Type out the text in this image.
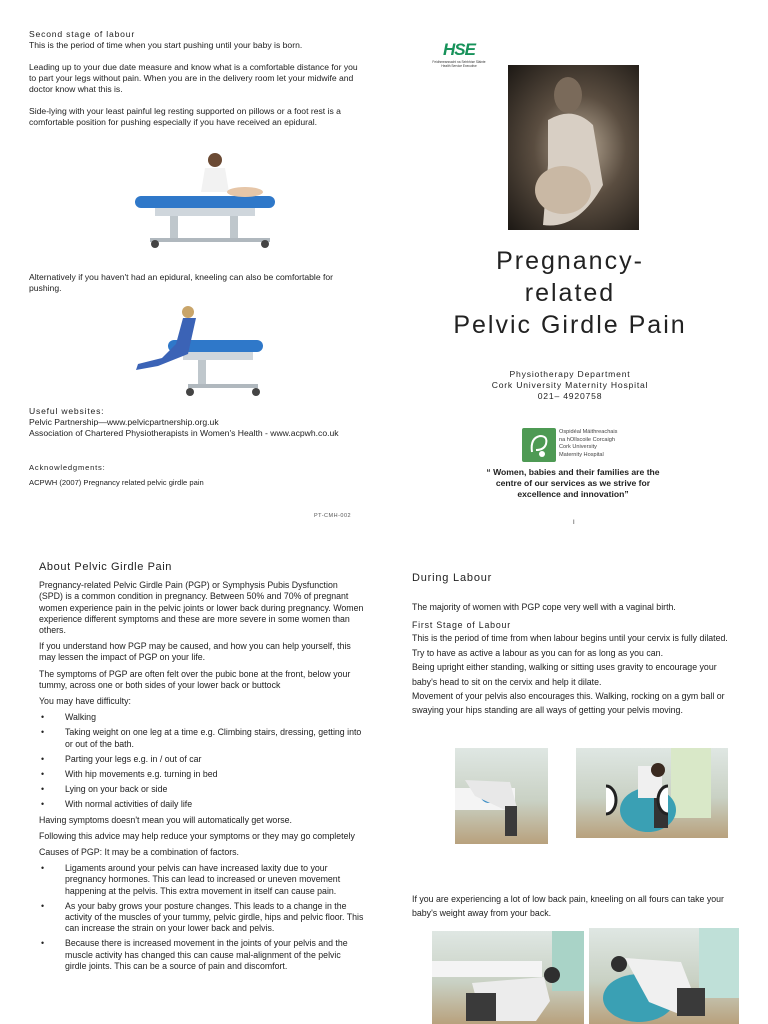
Second stage of labour
This is the period of time when you start pushing until your baby is born.
Leading up to your due date measure and know what is a comfortable distance for you to part your legs without pain. When you are in the delivery room let your midwife and doctor know what this is.
Side-lying with your least painful leg resting supported on pillows or a foot rest is a comfortable position for pushing especially if you have received an epidural.
Alternatively if you haven't had an epidural, kneeling can also be comfortable for pushing.
Useful websites:
Pelvic Partnership—www.pelvicpartnership.org.uk
Association of Chartered Physiotherapists in Women's Health - www.acpwh.co.uk
Acknowledgments:
ACPWH (2007) Pregnancy related pelvic girdle pain
PT-CMH-002
HSE
Feidhmeannacht na Seirbhíse Sláinte
Health Service Executive
Pregnancy-
related
Pelvic Girdle Pain
Physiotherapy Department
Cork University Maternity Hospital
021– 4920758
Ospidéal Máithreachais
na hOllscoile Corcaigh
Cork University
Maternity Hospital
“ Women, babies and their families are the centre of our services as we strive for excellence and innovation”
I
About Pelvic Girdle Pain

Pregnancy-related Pelvic Girdle Pain (PGP) or Symphysis Pubis Dysfunction (SPD) is a common condition in pregnancy. Between 50% and 70% of pregnant women experience pain in the pelvic joints or lower back during pregnancy. Women experience different symptoms and these are more severe in some women than others.

If you understand how PGP may be caused, and how you can help yourself, this may lessen the impact of PGP on your life.

The symptoms of PGP are often felt over the pubic bone at the front, below your tummy, across one or both sides of your lower back or buttock

You may have difficulty:

• Walking
• Taking weight on one leg at a time e.g. Climbing stairs, dressing, getting into or out of the bath.
• Parting your legs e.g. in / out of car
• With hip movements e.g. turning in bed
• Lying on your back or side
• With normal activities of daily life

Having symptoms doesn't mean you will automatically get worse.

Following this advice may help reduce your symptoms or they may go completely

Causes of PGP: It may be a combination of factors.

• Ligaments around your pelvis can have increased laxity due to your pregnancy hormones. This can lead to increased or uneven movement happening at the pelvis. This extra movement in itself can cause pain.
• As your baby grows your posture changes. This leads to a change in the activity of the muscles of your tummy, pelvic girdle, hips and pelvic floor. This can increase the strain on your lower back and pelvis.
• Because there is increased movement in the joints of your pelvis and the muscle activity has changed this can cause mal-alignment of the pelvic girdle joints. This can be a source of pain and discomfort.
During Labour

The majority of women with PGP cope very well with a vaginal birth.

First Stage of Labour
This is the period of time from when labour begins until your cervix is fully dilated.
Try to have as active a labour as you can for as long as you can.
Being upright either standing, walking or sitting uses gravity to encourage your baby's head to sit on the cervix and help it dilate.
Movement of your pelvis also encourages this. Walking, rocking on a gym ball or swaying your hips standing are all ways of getting your pelvis moving.
If you are experiencing a lot of low back pain, kneeling on all fours can take your baby's weight away from your back.
